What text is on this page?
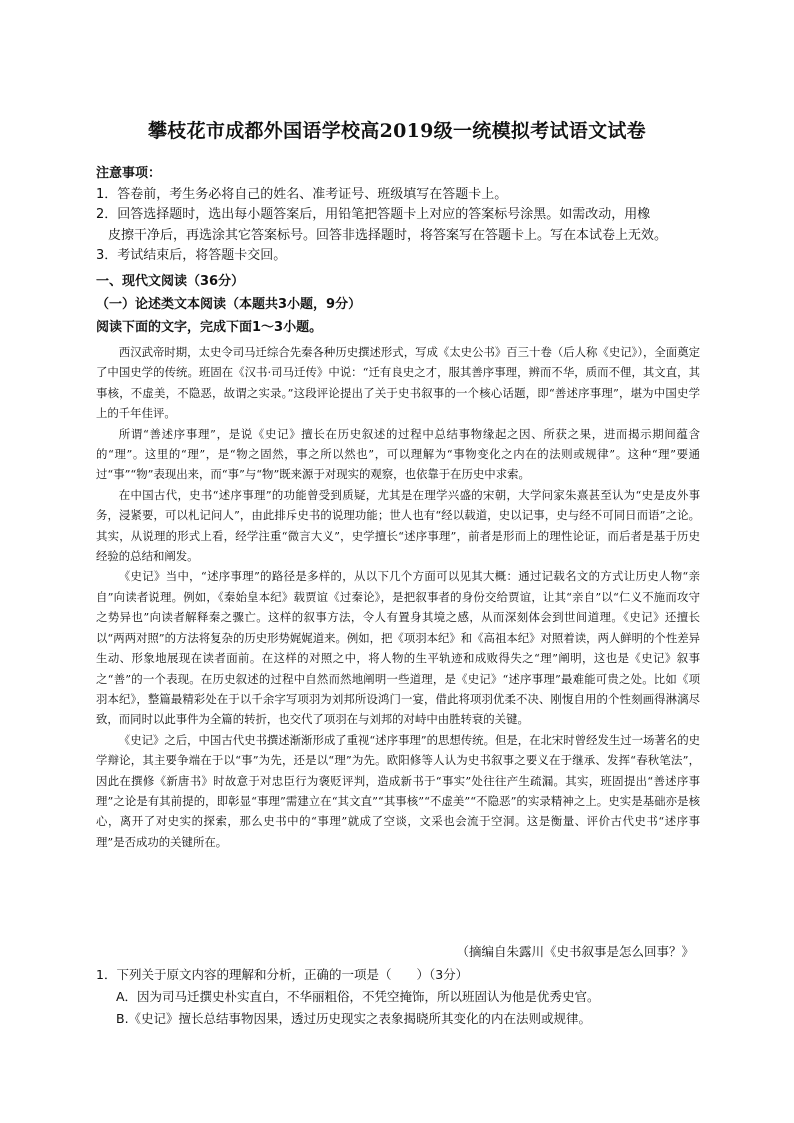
攀枝花市成都外国语学校高2019级一统模拟考试语文试卷
注意事项：
1．答卷前，考生务必将自己的姓名、准考证号、班级填写在答题卡上。
2．回答选择题时，选出每小题答案后，用铅笔把答题卡上对应的答案标号涂黑。如需改动，用橡
皮擦干净后，再选涂其它答案标号。回答非选择题时，将答案写在答题卡上。写在本试卷上无效。
3．考试结束后，将答题卡交回。
一、现代文阅读（36分）
（一）论述类文本阅读（本题共3小题，9分）
阅读下面的文字，完成下面1～3小题。

西汉武帝时期，太史令司马迁综合先秦各种历史撰述形式，写成《太史公书》百三十卷（后人称《史记》），全面奠定了中国史学的传统。班固在《汉书·司马迁传》中说：“迁有良史之才，服其善序事理，辨而不华，质而不俚，其文直，其事核，不虚美，不隐恶，故谓之实录。”这段评论提出了关于史书叙事的一个核心话题，即“善述序事理”，堪为中国史学上的千年佳评。

所谓“善述序事理”，是说《史记》擅长在历史叙述的过程中总结事物缘起之因、所获之果，进而揭示期间蕴含的“理”。这里的“理”，是“物之固然，事之所以然也”，可以理解为“事物变化之内在的法则或规律”。这种“理”要通过“事”“物”表现出来，而“事”与“物”既来源于对现实的观察，也依靠于在历史中求索。

在中国古代，史书“述序事理”的功能曾受到质疑，尤其是在理学兴盛的宋朝，大学问家朱熹甚至认为“史是皮外事务，浸紧要，可以札记问人”，由此排斥史书的说理功能；世人也有“经以载道，史以记事，史与经不可同日而语”之论。其实，从说理的形式上看，经学注重“微言大义”，史学擅长“述序事理”，前者是形而上的理性论证，而后者是基于历史经验的总结和阐发。

《史记》当中，“述序事理”的路径是多样的，从以下几个方面可以见其大概：通过记载名文的方式让历史人物“亲自”向读者说理。例如，《秦始皇本纪》载贾谊《过秦论》，是把叙事者的身份交给贾谊，让其“亲自”以“仁义不施而攻守之势异也”向读者解释秦之骤亡。这样的叙事方法，令人有置身其境之感，从而深刻体会到世间道理。《史记》还擅长以“两两对照”的方法将复杂的历史形势娓娓道来。例如，把《项羽本纪》和《高祖本纪》对照着读，两人鲜明的个性差异生动、形象地展现在读者面前。在这样的对照之中，将人物的生平轨迹和成败得失之“理”阐明，这也是《史记》叙事之“善”的一个表现。在历史叙述的过程中自然而然地阐明一些道理，是《史记》“述序事理”最难能可贵之处。比如《项羽本纪》，整篇最精彩处在于以千余字写项羽为刘邦所设鸿门一宴，借此将项羽优柔不决、刚愎自用的个性刻画得淋漓尽致，而同时以此事件为全篇的转折，也交代了项羽在与刘邦的对峙中由胜转衰的关键。

《史记》之后，中国古代史书撰述渐渐形成了重视“述序事理”的思想传统。但是，在北宋时曾经发生过一场著名的史学辩论，其主要争端在于以“事”为先，还是以“理”为先。欧阳修等人认为史书叙事之要义在于继承、发挥“春秋笔法”，因此在撰修《新唐书》时故意于对忠臣行为褒贬评判，造成新书于“事实”处往往产生疏漏。其实，班固提出“善述序事理”之论是有其前提的，即彰显“事理”需建立在“其文直”“其事核”“不虚美”“不隐恶”的实录精神之上。史实是基础亦是核心，离开了对史实的探索，那么史书中的“事理”就成了空谈，文采也会流于空洞。这是衡量、评价古代史书“述序事理”是否成功的关键所在。

（摘编自朱露川《史书叙事是怎么回事？》
1．下列关于原文内容的理解和分析，正确的一项是（　　）（3分）
A．因为司马迁撰史朴实直白，不华丽粗俗，不凭空掩饰，所以班固认为他是优秀史官。
B.《史记》擅长总结事物因果，透过历史现实之表象揭晓所其变化的内在法则或规律。
